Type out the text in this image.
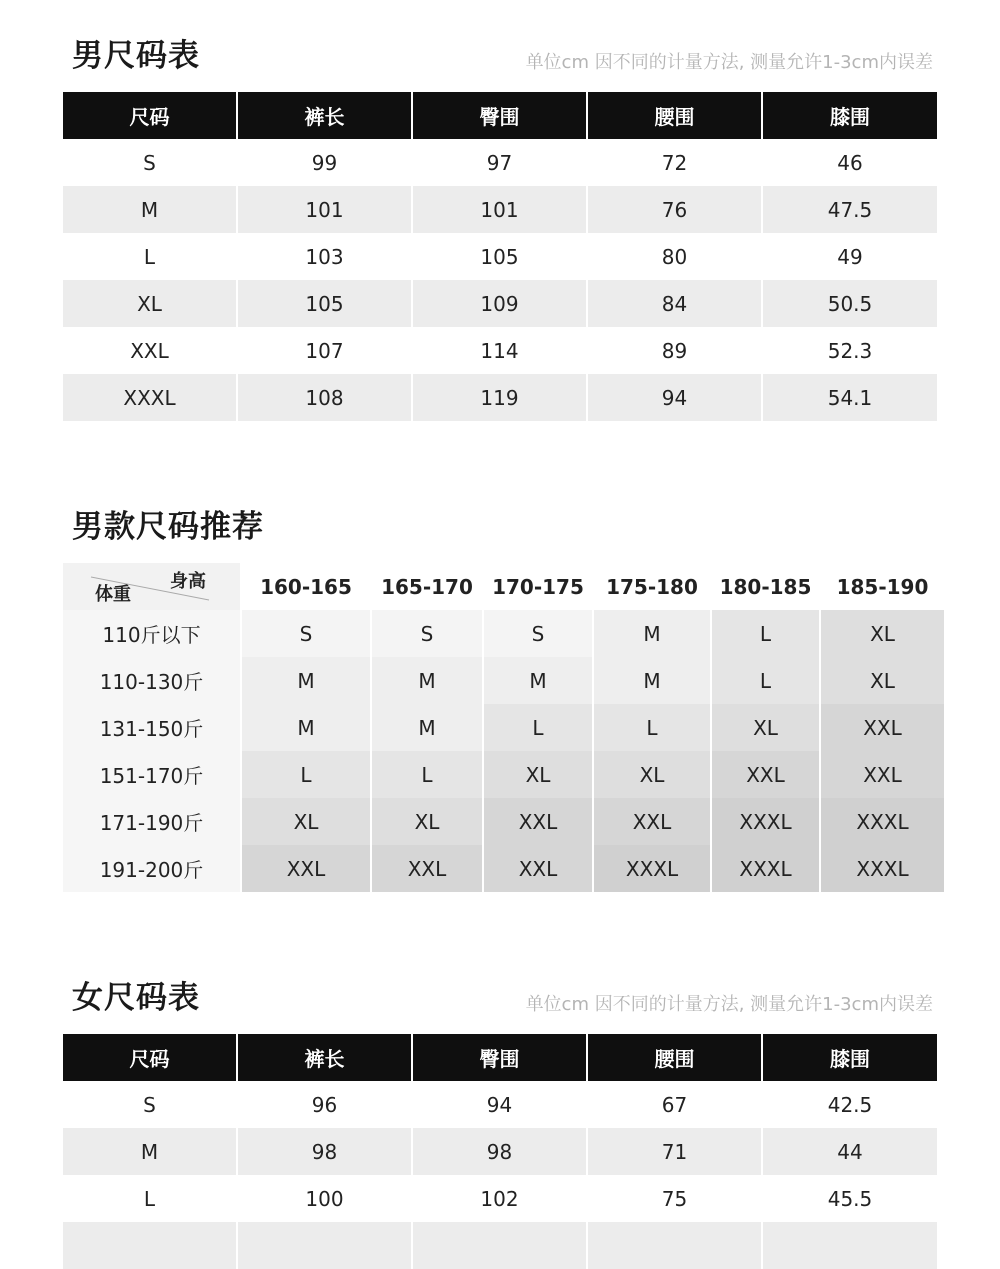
男尺码表	单位cm 因不同的计量方法, 测量允许1-3cm内误差
尺码	裤长	臀围	腰围	膝围
S	99	97	72	46
M	101	101	76	47.5
L	103	105	80	49
XL	105	109	84	50.5
XXL	107	114	89	52.3
XXXL	108	119	94	54.1
男款尺码推荐
身高
体重	160-165	165-170 170-175	175-180	180-185	185-190
110斤以下	S	S	S	M	L	XL
110-130斤	M	M	M	M	L	XL
131-150斤	M	M	L	L	XL	XXL
151-170斤	L	L	XL	XL	XXL	XXL
171-190斤	XL	XL	XXL	XXL	XXXL	XXXL
191-200斤	XXL	XXL	XXL	XXXL	XXXL	XXXL
女尺码表	单位cm 因不同的计量方法, 测量允许1-3cm内误差
尺码	裤长	臀围	腰围	膝围
S	96	94	67	42.5
M	98	98	71	44
L	100	102	75	45.5
